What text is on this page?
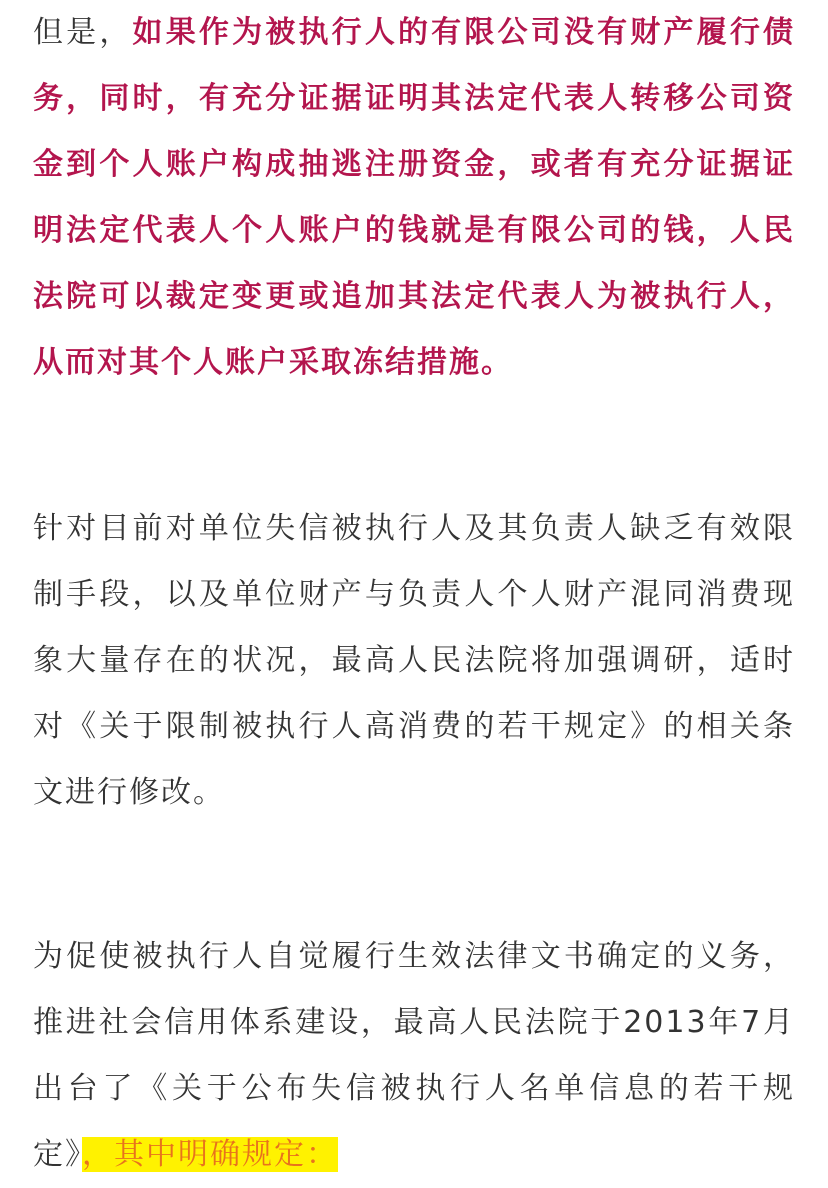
但是，如果作为被执行人的有限公司没有财产履行债务，同时，有充分证据证明其法定代表人转移公司资金到个人账户构成抽逃注册资金，或者有充分证据证明法定代表人个人账户的钱就是有限公司的钱，人民法院可以裁定变更或追加其法定代表人为被执行人，从而对其个人账户采取冻结措施。

针对目前对单位失信被执行人及其负责人缺乏有效限制手段，以及单位财产与负责人个人财产混同消费现象大量存在的状况，最高人民法院将加强调研，适时对《关于限制被执行人高消费的若干规定》的相关条文进行修改。

为促使被执行人自觉履行生效法律文书确定的义务，推进社会信用体系建设，最高人民法院于2013年7月出台了《关于公布失信被执行人名单信息的若干规定》，其中明确规定：
